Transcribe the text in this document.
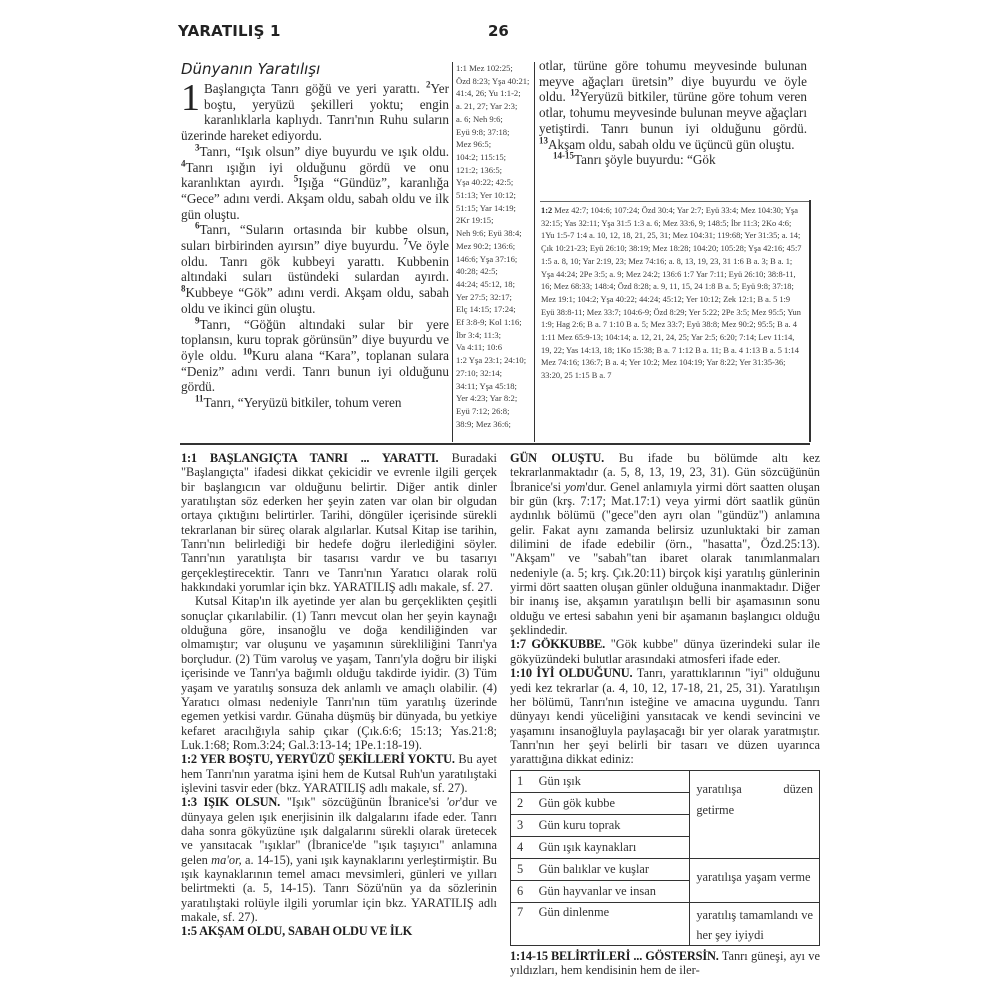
YARATILIŞ 1	26
Dünyanın Yaratılışı

1 Başlangıçta Tanrı göğü ve yeri yarattı. $^2$Yer boştu, yeryüzü şekilleri yoktu; engin karanlıklarla kaplıydı. Tanrı'nın Ruhu suların üzerinde hareket ediyordu.

$^3$Tanrı, “Işık olsun” diye buyurdu ve ışık oldu. $^4$Tanrı ışığın iyi olduğunu gördü ve onu karanlıktan ayırdı. $^5$Işığa “Gündüz”, karanlığa “Gece” adını verdi. Akşam oldu, sabah oldu ve ilk gün oluştu.

$^6$Tanrı, “Suların ortasında bir kubbe olsun, suları birbirinden ayırsın” diye buyurdu. $^7$Ve öyle oldu. Tanrı gök kubbeyi yarattı. Kubbenin altındaki suları üstündeki sulardan ayırdı. $^8$Kubbeye “Gök” adını verdi. Akşam oldu, sabah oldu ve ikinci gün oluştu.

$^9$Tanrı, “Göğün altındaki sular bir yere toplansın, kuru toprak görünsün” diye buyurdu ve öyle oldu. $^{10}$Kuru alana “Kara”, toplanan sulara “Deniz” adını verdi. Tanrı bunun iyi olduğunu gördü.

$^{11}$Tanrı, “Yeryüzü bitkiler, tohum veren

1:1 Mez 102:25;
Özd 8:23; Yşa 40:21;
41:4, 26; Yu 1:1-2;
a. 21, 27; Yar 2:3;
a. 6; Neh 9:6;
Eyü 9:8; 37:18;
Mez 96:5;
104:2; 115:15;
121:2; 136:5;
Yşa 40:22; 42:5;
51:13; Yer 10:12;
51:15; Yar 14:19;
2Kr 19:15;
Neh 9:6; Eyü 38:4;
Mez 90:2; 136:6;
146:6; Yşa 37:16;
40:28; 42:5;
44:24; 45:12, 18;
Yer 27:5; 32:17;
Elç 14:15; 17:24;
Ef 3:8-9; Kol 1:16;
İbr 3:4; 11:3;
Va 4:11; 10:6
1:2 Yşa 23:1; 24:10;
27:10; 32:14;
34:11; Yşa 45:18;
Yer 4:23; Yar 8:2;
Eyü 7:12; 26:8;
38:9; Mez 36:6;

otlar, türüne göre tohumu meyvesinde bulunan meyve ağaçları üretsin” diye buyurdu ve öyle oldu. $^{12}$Yeryüzü bitkiler, türüne göre tohum veren otlar, tohumu meyvesinde bulunan meyve ağaçları yetiştirdi. Tanrı bunun iyi olduğunu gördü. $^{13}$Akşam oldu, sabah oldu ve üçüncü gün oluştu.

$^{14-15}$Tanrı şöyle buyurdu: “Gök

1:2 Mez 42:7; 104:6; 107:24; Özd 30:4; Yar 2:7; Eyü 33:4; Mez 104:30; Yşa 32:15; Yas 32:11; Yşa 31:5 1:3 a. 6; Mez 33:6, 9; 148:5; İbr 11:3; 2Ko 4:6; 1Yu 1:5-7 1:4 a. 10, 12, 18, 21, 25, 31; Mez 104:31; 119:68; Yer 31:35; a. 14; Çık 10:21-23; Eyü 26:10; 38:19; Mez 18:28; 104:20; 105:28; Yşa 42:16; 45:7 1:5 a. 8, 10; Yar 2:19, 23; Mez 74:16; a. 8, 13, 19, 23, 31 1:6 B a. 3; B a. 1; Yşa 44:24; 2Pe 3:5; a. 9; Mez 24:2; 136:6 1:7 Yar 7:11; Eyü 26:10; 38:8-11, 16; Mez 68:33; 148:4; Özd 8:28; a. 9, 11, 15, 24 1:8 B a. 5; Eyü 9:8; 37:18; Mez 19:1; 104:2; Yşa 40:22; 44:24; 45:12; Yer 10:12; Zek 12:1; B a. 5 1:9 Eyü 38:8-11; Mez 33:7; 104:6-9; Özd 8:29; Yer 5:22; 2Pe 3:5; Mez 95:5; Yun 1:9; Hag 2:6; B a. 7 1:10 B a. 5; Mez 33:7; Eyü 38:8; Mez 90:2; 95:5; B a. 4 1:11 Mez 65:9-13; 104:14; a. 12, 21, 24, 25; Yar 2:5; 6:20; 7:14; Lev 11:14, 19, 22; Yas 14:13, 18; 1Ko 15:38; B a. 7 1:12 B a. 11; B a. 4 1:13 B a. 5 1:14 Mez 74:16; 136:7; B a. 4; Yer 10:2; Mez 104:19; Yar 8:22; Yer 31:35-36; 33:20, 25 1:15 B a. 7

1:1 BAŞLANGIÇTA TANRI ... YARATTI. Buradaki "Başlangıçta" ifadesi dikkat çekicidir ve evrenle ilgili gerçek bir başlangıcın var olduğunu belirtir. Diğer antik dinler yaratılıştan söz ederken her şeyin zaten var olan bir olgudan ortaya çıktığını belirtirler. Tarihi, döngüler içerisinde sürekli tekrarlanan bir süreç olarak algılarlar. Kutsal Kitap ise tarihin, Tanrı'nın belirlediği bir hedefe doğru ilerlediğini söyler. Tanrı'nın yaratılışta bir tasarısı vardır ve bu tasarıyı gerçekleştirecektir. Tanrı ve Tanrı'nın Yaratıcı olarak rolü hakkındaki yorumlar için bkz. YARATILIŞ adlı makale, sf. 27.

Kutsal Kitap'ın ilk ayetinde yer alan bu gerçeklikten çeşitli sonuçlar çıkarılabilir. (1) Tanrı mevcut olan her şeyin kaynağı olduğuna göre, insanoğlu ve doğa kendiliğinden var olmamıştır; var oluşunu ve yaşamının sürekliliğini Tanrı'ya borçludur. (2) Tüm varoluş ve yaşam, Tanrı'yla doğru bir ilişki içerisinde ve Tanrı'ya bağımlı olduğu takdirde iyidir. (3) Tüm yaşam ve yaratılış sonsuza dek anlamlı ve amaçlı olabilir. (4) Yaratıcı olması nedeniyle Tanrı'nın tüm yaratılış üzerinde egemen yetkisi vardır. Günaha düşmüş bir dünyada, bu yetkiye kefaret aracılığıyla sahip çıkar (Çık.6:6; 15:13; Yas.21:8; Luk.1:68; Rom.3:24; Gal.3:13-14; 1Pe.1:18-19).

1:2 YER BOŞTU, YERYÜZÜ ŞEKİLLERİ YOKTU. Bu ayet hem Tanrı'nın yaratma işini hem de Kutsal Ruh'un yaratılıştaki işlevini tasvir eder (bkz. YARATILIŞ adlı makale, sf. 27).

1:3 IŞIK OLSUN. "Işık" sözcüğünün İbranice'si 'or'dur ve dünyaya gelen ışık enerjisinin ilk dalgalarını ifade eder. Tanrı daha sonra gökyüzüne ışık dalgalarını sürekli olarak üretecek ve yansıtacak "ışıklar" (İbranice'de "ışık taşıyıcı" anlamına gelen ma'or, a. 14-15), yani ışık kaynaklarını yerleştirmiştir. Bu ışık kaynaklarının temel amacı mevsimleri, günleri ve yılları belirtmekti (a. 5, 14-15). Tanrı Sözü'nün ya da sözlerinin yaratılıştaki rolüyle ilgili yorumlar için bkz. YARATILIŞ adlı makale, sf. 27).

1:5 AKŞAM OLDU, SABAH OLDU VE İLK

GÜN OLUŞTU. Bu ifade bu bölümde altı kez tekrarlanmaktadır (a. 5, 8, 13, 19, 23, 31). Gün sözcüğünün İbranice'si yom'dur. Genel anlamıyla yirmi dört saatten oluşan bir gün (krş. 7:17; Mat.17:1) veya yirmi dört saatlik günün aydınlık bölümü ("gece"den ayrı olan "gündüz") anlamına gelir. Fakat aynı zamanda belirsiz uzunluktaki bir zaman dilimini de ifade edebilir (örn., "hasatta", Özd.25:13). "Akşam" ve "sabah"tan ibaret olarak tanımlanmaları nedeniyle (a. 5; krş. Çık.20:11) birçok kişi yaratılış günlerinin yirmi dört saatten oluşan günler olduğuna inanmaktadır. Diğer bir inanış ise, akşamın yaratılışın belli bir aşamasının sonu olduğu ve ertesi sabahın yeni bir aşamanın başlangıcı olduğu şeklindedir.

1:7 GÖKKUBBE. "Gök kubbe" dünya üzerindeki sular ile gökyüzündeki bulutlar arasındaki atmosferi ifade eder.

1:10 İYİ OLDUĞUNU. Tanrı, yarattıklarının "iyi" olduğunu yedi kez tekrarlar (a. 4, 10, 12, 17-18, 21, 25, 31). Yaratılışın her bölümü, Tanrı'nın isteğine ve amacına uygundu. Tanrı dünyayı kendi yüceliğini yansıtacak ve kendi sevincini ve yaşamını insanoğluyla paylaşacağı bir yer olarak yaratmıştır. Tanrı'nın her şeyi belirli bir tasarı ve düzen uyarınca yarattığına dikkat ediniz:

1	Gün ışık	yaratılışa düzen getirme
2	Gün gök kubbe	
3	Gün kuru toprak	
4	Gün ışık kaynakları	
5	Gün balıklar ve kuşlar	yaratılışa yaşam verme
6	Gün hayvanlar ve insan	
7	Gün dinlenme	yaratılış tamamlandı ve her şey iyiydi

1:14-15 BELİRTİLERİ ... GÖSTERSİN. Tanrı güneşi, ayı ve yıldızları, hem kendisinin hem de iler-
